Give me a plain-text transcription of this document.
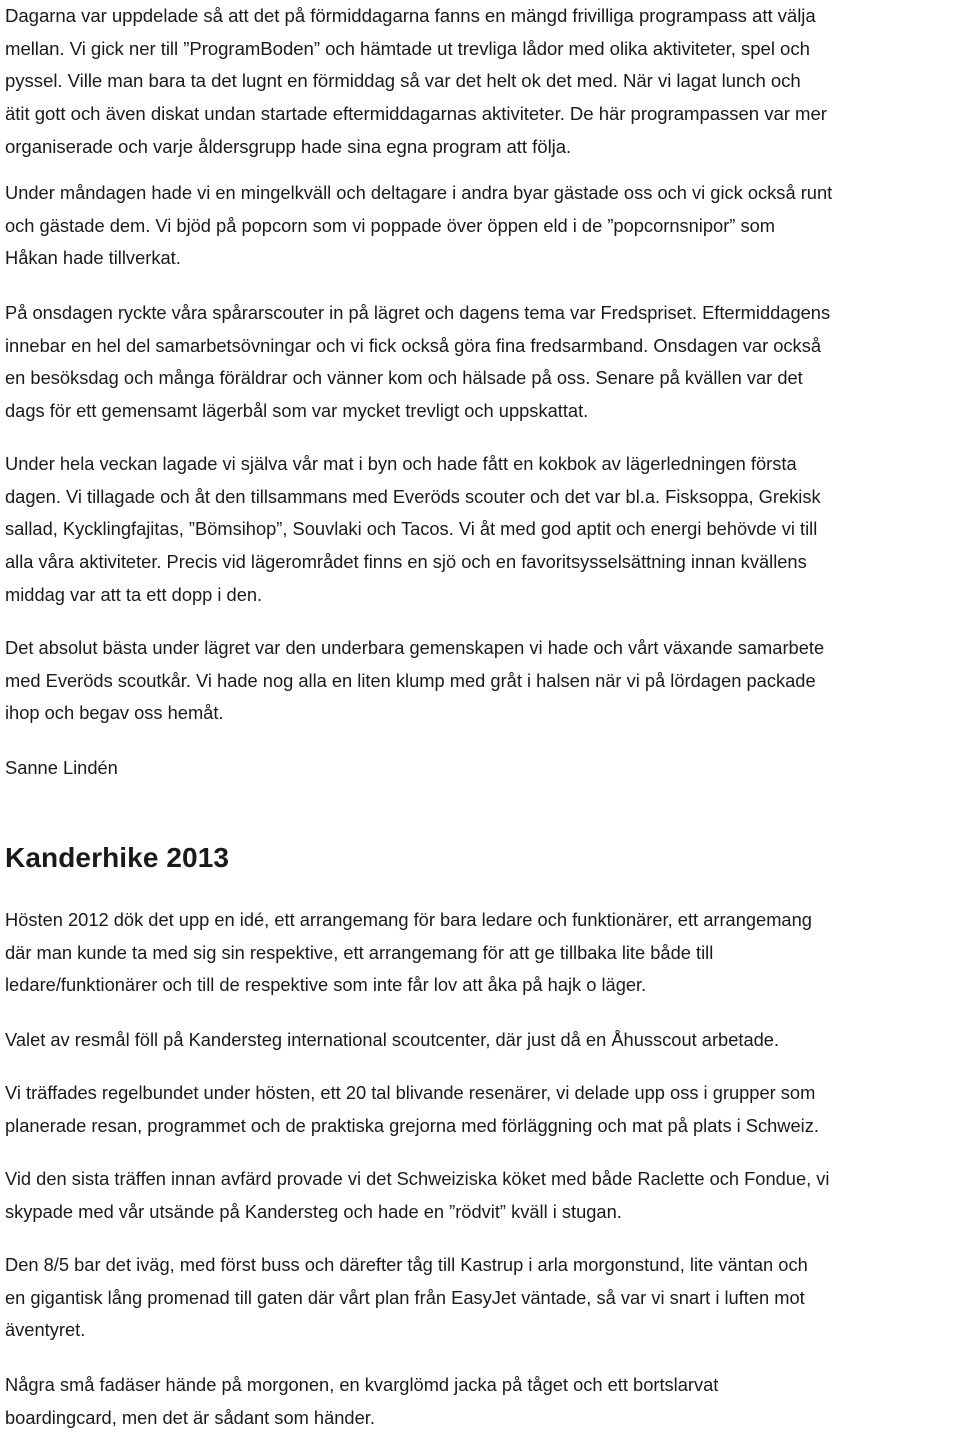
Dagarna var uppdelade så att det på förmiddagarna fanns en mängd frivilliga programpass att välja
mellan. Vi gick ner till ”ProgramBoden” och hämtade ut trevliga lådor med olika aktiviteter, spel och
pyssel. Ville man bara ta det lugnt en förmiddag så var det helt ok det med. När vi lagat lunch och
ätit gott och även diskat undan startade eftermiddagarnas aktiviteter. De här programpassen var mer
organiserade och varje åldersgrupp hade sina egna program att följa.

Under måndagen hade vi en mingelkväll och deltagare i andra byar gästade oss och vi gick också runt
och gästade dem. Vi bjöd på popcorn som vi poppade över öppen eld i de ”popcornsnipor” som
Håkan hade tillverkat.

På onsdagen ryckte våra spårarscouter in på lägret och dagens tema var Fredspriset. Eftermiddagens
innebar en hel del samarbetsövningar och vi fick också göra fina fredsarmband. Onsdagen var också
en besöksdag och många föräldrar och vänner kom och hälsade på oss. Senare på kvällen var det
dags för ett gemensamt lägerbål som var mycket trevligt och uppskattat.

Under hela veckan lagade vi själva vår mat i byn och hade fått en kokbok av lägerledningen första
dagen. Vi tillagade och åt den tillsammans med Everöds scouter och det var bl.a. Fisksoppa, Grekisk
sallad, Kycklingfajitas, ”Bömsihop”, Souvlaki och Tacos. Vi åt med god aptit och energi behövde vi till
alla våra aktiviteter. Precis vid lägerområdet finns en sjö och en favoritsysselsättning innan kvällens
middag var att ta ett dopp i den.

Det absolut bästa under lägret var den underbara gemenskapen vi hade och vårt växande samarbete
med Everöds scoutkår. Vi hade nog alla en liten klump med gråt i halsen när vi på lördagen packade
ihop och begav oss hemåt.

Sanne Lindén

Kanderhike 2013

Hösten 2012 dök det upp en idé, ett arrangemang för bara ledare och funktionärer, ett arrangemang
där man kunde ta med sig sin respektive, ett arrangemang för att ge tillbaka lite både till
ledare/funktionärer och till de respektive som inte får lov att åka på hajk o läger.

Valet av resmål föll på Kandersteg international scoutcenter, där just då en Åhusscout arbetade.

Vi träffades regelbundet under hösten, ett 20 tal blivande resenärer, vi delade upp oss i grupper som
planerade resan, programmet och de praktiska grejorna med förläggning och mat på plats i Schweiz.

Vid den sista träffen innan avfärd provade vi det Schweiziska köket med både Raclette och Fondue, vi
skypade med vår utsände på Kandersteg och hade en ”rödvit” kväll i stugan.

Den 8/5 bar det iväg, med först buss och därefter tåg till Kastrup i arla morgonstund, lite väntan och
en gigantisk lång promenad till gaten där vårt plan från EasyJet väntade, så var vi snart i luften mot
äventyret.

Några små fadäser hände på morgonen, en kvarglömd jacka på tåget och ett bortslarvat
boardingcard, men det är sådant som händer.
